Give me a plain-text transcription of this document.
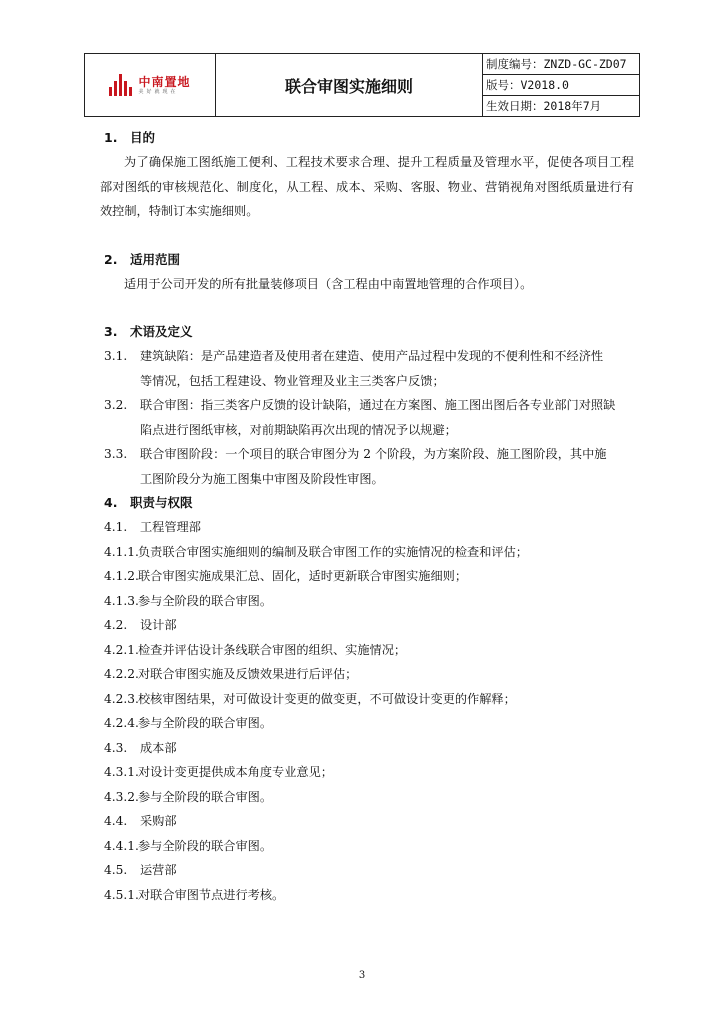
中南置地
美好就现在	联合审图实施细则
制度编号：ZNZD-GC-ZD07
版号：V2018.0
生效日期：2018年7月
1. 目的
为了确保施工图纸施工便利、工程技术要求合理、提升工程质量及管理水平，促使各项目工程部对图纸的审核规范化、制度化，从工程、成本、采购、客服、物业、营销视角对图纸质量进行有效控制，特制订本实施细则。
2. 适用范围
适用于公司开发的所有批量装修项目（含工程由中南置地管理的合作项目）。
3. 术语及定义
3.1. 建筑缺陷：是产品建造者及使用者在建造、使用产品过程中发现的不便利性和不经济性
等情况，包括工程建设、物业管理及业主三类客户反馈；
3.2. 联合审图：指三类客户反馈的设计缺陷，通过在方案图、施工图出图后各专业部门对照缺
陷点进行图纸审核，对前期缺陷再次出现的情况予以规避；
3.3. 联合审图阶段：一个项目的联合审图分为 2 个阶段，为方案阶段、施工图阶段，其中施
工图阶段分为施工图集中审图及阶段性审图。
4. 职责与权限
4.1. 工程管理部
4.1.1.负责联合审图实施细则的编制及联合审图工作的实施情况的检查和评估；
4.1.2.联合审图实施成果汇总、固化，适时更新联合审图实施细则；
4.1.3.参与全阶段的联合审图。
4.2. 设计部
4.2.1.检查并评估设计条线联合审图的组织、实施情况；
4.2.2.对联合审图实施及反馈效果进行后评估；
4.2.3.校核审图结果，对可做设计变更的做变更，不可做设计变更的作解释；
4.2.4.参与全阶段的联合审图。
4.3. 成本部
4.3.1.对设计变更提供成本角度专业意见；
4.3.2.参与全阶段的联合审图。
4.4. 采购部
4.4.1.参与全阶段的联合审图。
4.5. 运营部
4.5.1.对联合审图节点进行考核。
3
